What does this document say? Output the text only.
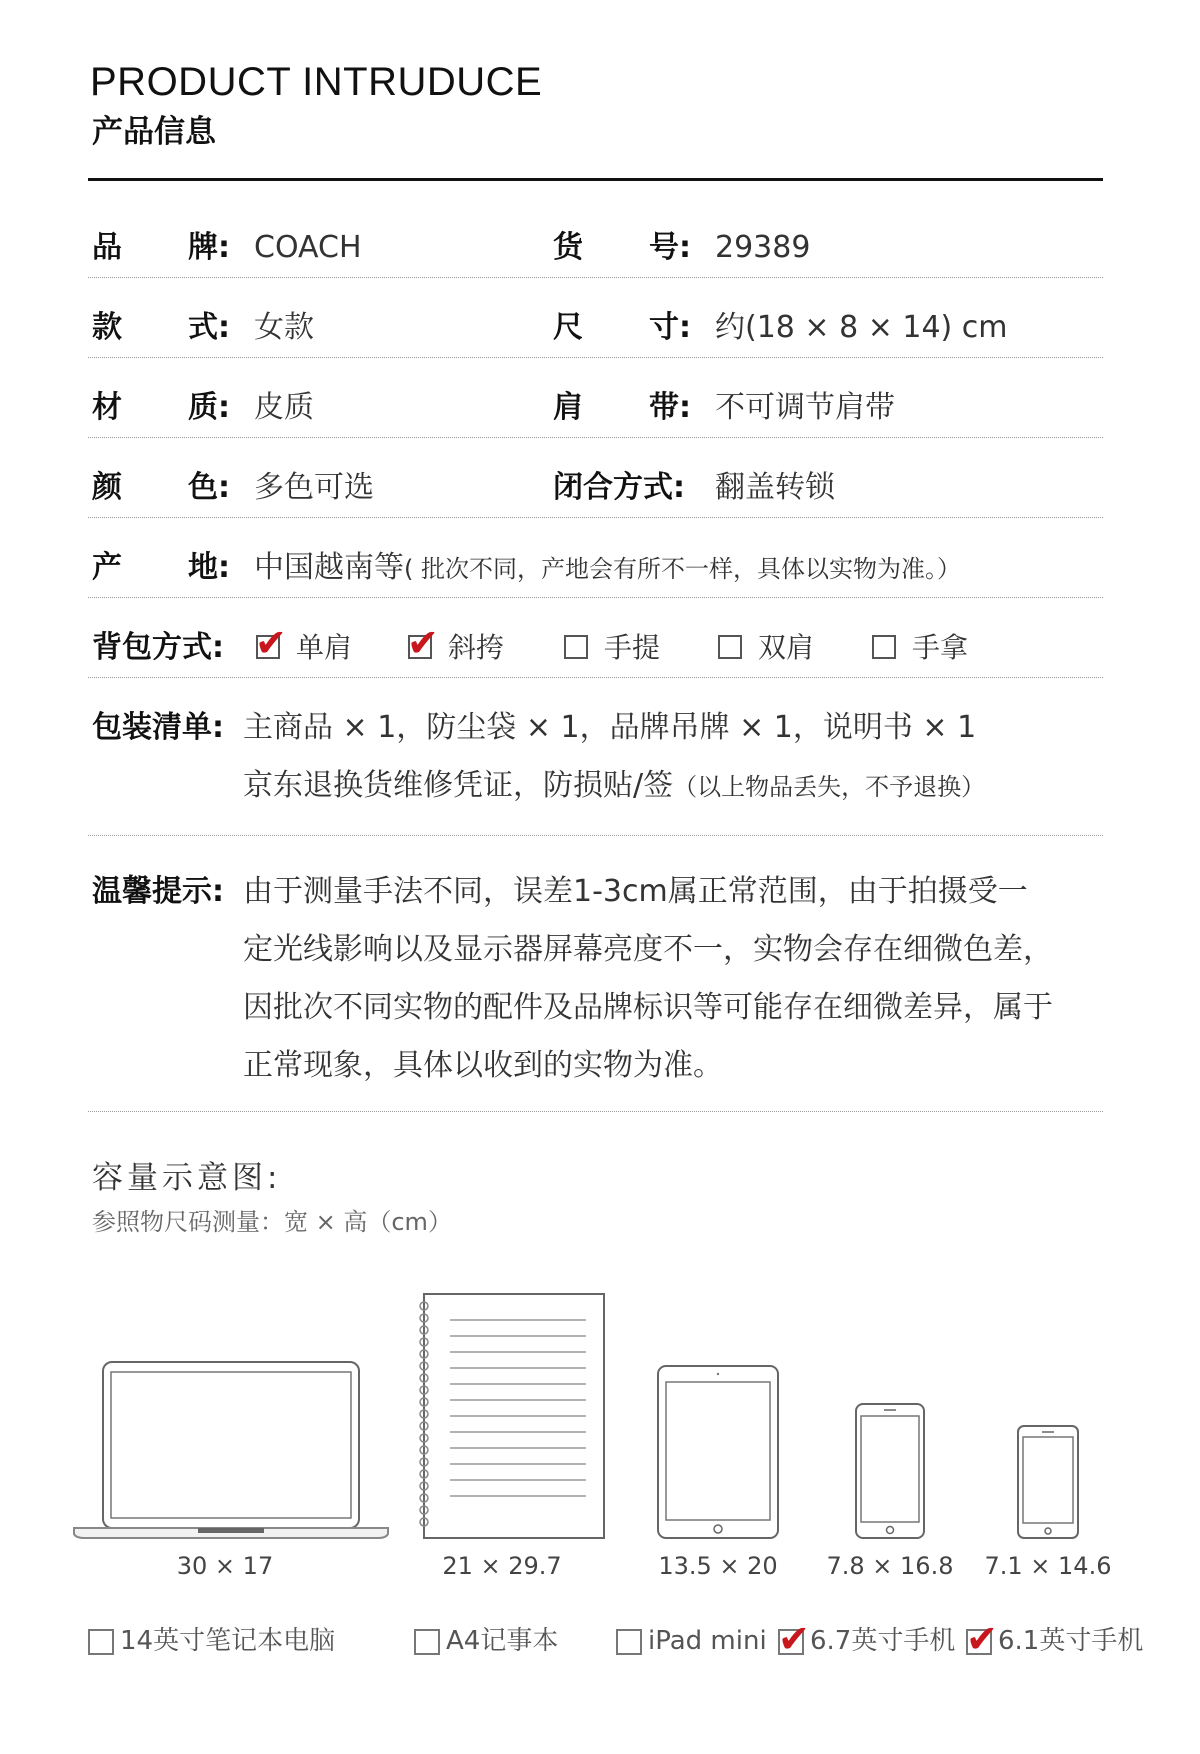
PRODUCT INTRUDUCE
产品信息
品 牌: COACH	货 号: 29389
款 式: 女款	尺 寸: 约(18 × 8 × 14) cm
材 质: 皮质	肩 带: 不可调节肩带
颜 色: 多色可选	闭合方式: 翻盖转锁
产 地: 中国越南等( 批次不同，产地会有所不一样，具体以实物为准。）
背包方式: ✔ 单肩 ✔ 斜挎	手提	双肩	手拿
包装清单: 主商品 × 1，防尘袋 × 1，品牌吊牌 × 1，说明书 × 1
京东退换货维修凭证，防损贴/签（以上物品丢失，不予退换）
温馨提示: 由于测量手法不同，误差1-3cm属正常范围，由于拍摄受一
定光线影响以及显示器屏幕亮度不一，实物会存在细微色差，
因批次不同实物的配件及品牌标识等可能存在细微差异，属于
正常现象，具体以收到的实物为准。
容量示意图:
参照物尺码测量：宽 × 高（cm）
30 × 17	21 × 29.7	13.5 × 20	7.8 × 16.8	7.1 × 14.6
14英寸笔记本电脑	A4记事本	iPad mini ✔ 6.7英寸手机 ✔ 6.1英寸手机
